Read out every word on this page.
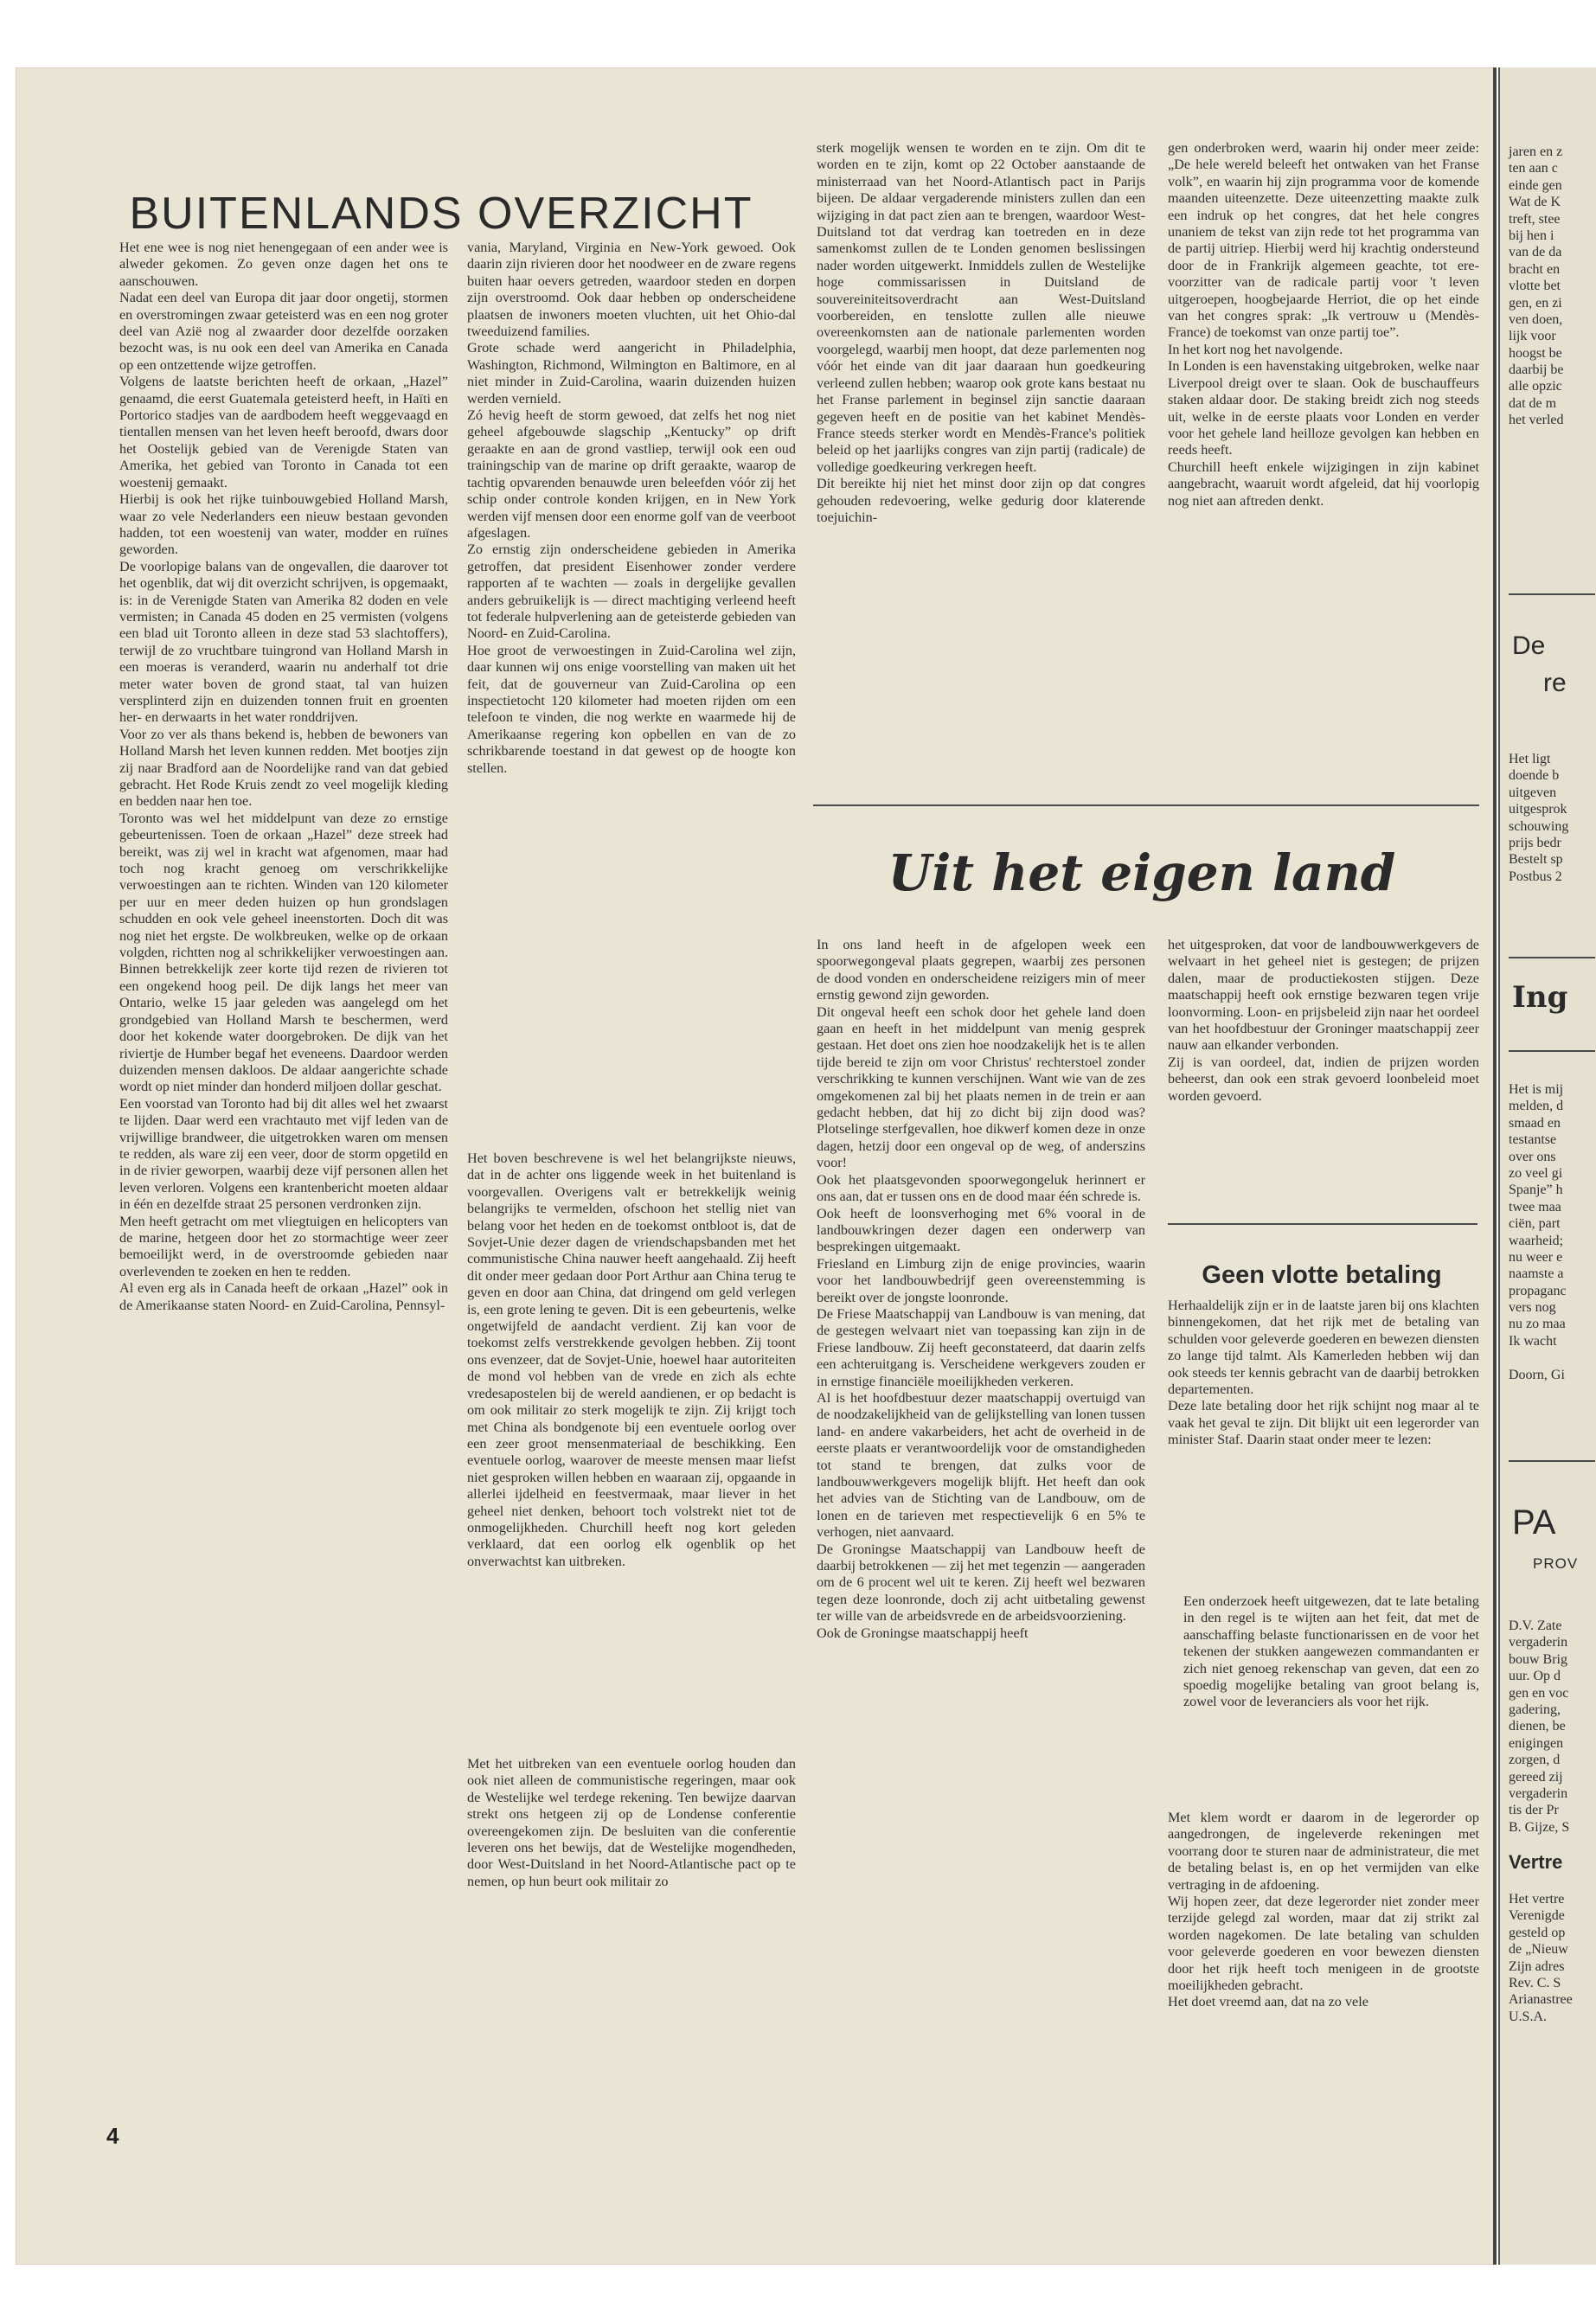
BUITENLANDS OVERZICHT

Het ene wee is nog niet henengegaan of een ander wee is alweder gekomen. Zo geven onze dagen het ons te aanschouwen.

Nadat een deel van Europa dit jaar door ongetij, stormen en overstromingen zwaar geteisterd was en een nog groter deel van Azië nog al zwaarder door dezelfde oorzaken bezocht was, is nu ook een deel van Amerika en Canada op een ontzettende wijze getroffen.

Volgens de laatste berichten heeft de orkaan, „Hazel” genaamd, die eerst Guatemala geteisterd heeft, in Haïti en Portorico stadjes van de aardbodem heeft weggevaagd en tientallen mensen van het leven heeft beroofd, dwars door het Oostelijk gebied van de Verenigde Staten van Amerika, het gebied van Toronto in Canada tot een woestenij gemaakt.

Hierbij is ook het rijke tuinbouwgebied Holland Marsh, waar zo vele Nederlanders een nieuw bestaan gevonden hadden, tot een woestenij van water, modder en ruïnes geworden.

De voorlopige balans van de ongevallen, die daarover tot het ogenblik, dat wij dit overzicht schrijven, is opgemaakt, is: in de Verenigde Staten van Amerika 82 doden en vele vermisten; in Canada 45 doden en 25 vermisten (volgens een blad uit Toronto alleen in deze stad 53 slachtoffers), terwijl de zo vruchtbare tuingrond van Holland Marsh in een moeras is veranderd, waarin nu anderhalf tot drie meter water boven de grond staat, tal van huizen versplinterd zijn en duizenden tonnen fruit en groenten her- en derwaarts in het water ronddrijven.

Voor zo ver als thans bekend is, hebben de bewoners van Holland Marsh het leven kunnen redden. Met bootjes zijn zij naar Bradford aan de Noordelijke rand van dat gebied gebracht. Het Rode Kruis zendt zo veel mogelijk kleding en bedden naar hen toe.

Toronto was wel het middelpunt van deze zo ernstige gebeurtenissen. Toen de orkaan „Hazel” deze streek had bereikt, was zij wel in kracht wat afgenomen, maar had toch nog kracht genoeg om verschrikkelijke verwoestingen aan te richten. Winden van 120 kilometer per uur en meer deden huizen op hun grondslagen schudden en ook vele geheel ineenstorten. Doch dit was nog niet het ergste. De wolkbreuken, welke op de orkaan volgden, richtten nog al schrikkelijker verwoestingen aan. Binnen betrekkelijk zeer korte tijd rezen de rivieren tot een ongekend hoog peil. De dijk langs het meer van Ontario, welke 15 jaar geleden was aangelegd om het grondgebied van Holland Marsh te beschermen, werd door het kokende water doorgebroken. De dijk van het riviertje de Humber begaf het eveneens. Daardoor werden duizenden mensen dakloos. De aldaar aangerichte schade wordt op niet minder dan honderd miljoen dollar geschat.

Een voorstad van Toronto had bij dit alles wel het zwaarst te lijden. Daar werd een vrachtauto met vijf leden van de vrijwillige brandweer, die uitgetrokken waren om mensen te redden, als ware zij een veer, door de storm opgetild en in de rivier geworpen, waarbij deze vijf personen allen het leven verloren. Volgens een krantenbericht moeten aldaar in één en dezelfde straat 25 personen verdronken zijn.

Men heeft getracht om met vliegtuigen en helicopters van de marine, hetgeen door het zo stormachtige weer zeer bemoeilijkt werd, in de overstroomde gebieden naar overlevenden te zoeken en hen te redden.

Al even erg als in Canada heeft de orkaan „Hazel” ook in de Amerikaanse staten Noord- en Zuid-Carolina, Pennsyl-

vania, Maryland, Virginia en New-York gewoed. Ook daarin zijn rivieren door het noodweer en de zware regens buiten haar oevers getreden, waardoor steden en dorpen zijn overstroomd. Ook daar hebben op onderscheidene plaatsen de inwoners moeten vluchten, uit het Ohio-dal tweeduizend families.

Grote schade werd aangericht in Philadelphia, Washington, Richmond, Wilmington en Baltimore, en al niet minder in Zuid-Carolina, waarin duizenden huizen werden vernield.

Zó hevig heeft de storm gewoed, dat zelfs het nog niet geheel afgebouwde slagschip „Kentucky” op drift geraakte en aan de grond vastliep, terwijl ook een oud trainingschip van de marine op drift geraakte, waarop de tachtig opvarenden benauwde uren beleefden vóór zij het schip onder controle konden krijgen, en in New York werden vijf mensen door een enorme golf van de veerboot afgeslagen.

Zo ernstig zijn onderscheidene gebieden in Amerika getroffen, dat president Eisenhower zonder verdere rapporten af te wachten — zoals in dergelijke gevallen anders gebruikelijk is — direct machtiging verleend heeft tot federale hulpverlening aan de geteisterde gebieden van Noord- en Zuid-Carolina.

Hoe groot de verwoestingen in Zuid-Carolina wel zijn, daar kunnen wij ons enige voorstelling van maken uit het feit, dat de gouverneur van Zuid-Carolina op een inspectietocht 120 kilometer had moeten rijden om een telefoon te vinden, die nog werkte en waarmede hij de Amerikaanse regering kon opbellen en van de zo schrikbarende toestand in dat gewest op de hoogte kon stellen.

Het boven beschrevene is wel het belangrijkste nieuws, dat in de achter ons liggende week in het buitenland is voorgevallen. Overigens valt er betrekkelijk weinig belangrijks te vermelden, ofschoon het stellig niet van belang voor het heden en de toekomst ontbloot is, dat de Sovjet-Unie dezer dagen de vriendschapsbanden met het communistische China nauwer heeft aangehaald. Zij heeft dit onder meer gedaan door Port Arthur aan China terug te geven en door aan China, dat dringend om geld verlegen is, een grote lening te geven. Dit is een gebeurtenis, welke ongetwijfeld de aandacht verdient. Zij kan voor de toekomst zelfs verstrekkende gevolgen hebben. Zij toont ons evenzeer, dat de Sovjet-Unie, hoewel haar autoriteiten de mond vol hebben van de vrede en zich als echte vredesapostelen bij de wereld aandienen, er op bedacht is om ook militair zo sterk mogelijk te zijn. Zij krijgt toch met China als bondgenote bij een eventuele oorlog over een zeer groot mensenmateriaal de beschikking. Een eventuele oorlog, waarover de meeste mensen maar liefst niet gesproken willen hebben en waaraan zij, opgaande in allerlei ijdelheid en feestvermaak, maar liever in het geheel niet denken, behoort toch volstrekt niet tot de onmogelijkheden. Churchill heeft nog kort geleden verklaard, dat een oorlog elk ogenblik op het onverwachtst kan uitbreken.

Met het uitbreken van een eventuele oorlog houden dan ook niet alleen de communistische regeringen, maar ook de Westelijke wel terdege rekening. Ten bewijze daarvan strekt ons hetgeen zij op de Londense conferentie overeengekomen zijn. De besluiten van die conferentie leveren ons het bewijs, dat de Westelijke mogendheden, door West-Duitsland in het Noord-Atlantische pact op te nemen, op hun beurt ook militair zo

sterk mogelijk wensen te worden en te zijn. Om dit te worden en te zijn, komt op 22 October aanstaande de ministerraad van het Noord-Atlantisch pact in Parijs bijeen. De aldaar vergaderende ministers zullen dan een wijziging in dat pact zien aan te brengen, waardoor West-Duitsland tot dat verdrag kan toetreden en in deze samenkomst zullen de te Londen genomen beslissingen nader worden uitgewerkt. Inmiddels zullen de Westelijke hoge commissarissen in Duitsland de souvereiniteitsoverdracht aan West-Duitsland voorbereiden, en tenslotte zullen alle nieuwe overeenkomsten aan de nationale parlementen worden voorgelegd, waarbij men hoopt, dat deze parlementen nog vóór het einde van dit jaar daaraan hun goedkeuring verleend zullen hebben; waarop ook grote kans bestaat nu het Franse parlement in beginsel zijn sanctie daaraan gegeven heeft en de positie van het kabinet Mendès-France steeds sterker wordt en Mendès-France's politiek beleid op het jaarlijks congres van zijn partij (radicale) de volledige goedkeuring verkregen heeft.

Dit bereikte hij niet het minst door zijn op dat congres gehouden redevoering, welke gedurig door klaterende toejuichin-

gen onderbroken werd, waarin hij onder meer zeide: „De hele wereld beleeft het ontwaken van het Franse volk”, en waarin hij zijn programma voor de komende maanden uiteenzette. Deze uiteenzetting maakte zulk een indruk op het congres, dat het hele congres unaniem de tekst van zijn rede tot het programma van de partij uitriep. Hierbij werd hij krachtig ondersteund door de in Frankrijk algemeen geachte, tot ere-voorzitter van de radicale partij voor 't leven uitgeroepen, hoogbejaarde Herriot, die op het einde van het congres sprak: „Ik vertrouw u (Mendès-France) de toekomst van onze partij toe”.

In het kort nog het navolgende.

In Londen is een havenstaking uitgebroken, welke naar Liverpool dreigt over te slaan. Ook de buschauffeurs staken aldaar door. De staking breidt zich nog steeds uit, welke in de eerste plaats voor Londen en verder voor het gehele land heilloze gevolgen kan hebben en reeds heeft.

Churchill heeft enkele wijzigingen in zijn kabinet aangebracht, waaruit wordt afgeleid, dat hij voorlopig nog niet aan aftreden denkt.

Uit het eigen land

In ons land heeft in de afgelopen week een spoorwegongeval plaats gegrepen, waarbij zes personen de dood vonden en onderscheidene reizigers min of meer ernstig gewond zijn geworden.

Dit ongeval heeft een schok door het gehele land doen gaan en heeft in het middelpunt van menig gesprek gestaan. Het doet ons zien hoe noodzakelijk het is te allen tijde bereid te zijn om voor Christus' rechterstoel zonder verschrikking te kunnen verschijnen. Want wie van de zes omgekomenen zal bij het plaats nemen in de trein er aan gedacht hebben, dat hij zo dicht bij zijn dood was? Plotselinge sterfgevallen, hoe dikwerf komen deze in onze dagen, hetzij door een ongeval op de weg, of anderszins voor!

Ook het plaatsgevonden spoorwegongeluk herinnert er ons aan, dat er tussen ons en de dood maar één schrede is.

Ook heeft de loonsverhoging met 6% vooral in de landbouwkringen dezer dagen een onderwerp van besprekingen uitgemaakt.

Friesland en Limburg zijn de enige provincies, waarin voor het landbouwbedrijf geen overeenstemming is bereikt over de jongste loonronde.

De Friese Maatschappij van Landbouw is van mening, dat de gestegen welvaart niet van toepassing kan zijn in de Friese landbouw. Zij heeft geconstateerd, dat daarin zelfs een achteruitgang is. Verscheidene werkgevers zouden er in ernstige financiële moeilijkheden verkeren.

Al is het hoofdbestuur dezer maatschappij overtuigd van de noodzakelijkheid van de gelijkstelling van lonen tussen land- en andere vakarbeiders, het acht de overheid in de eerste plaats er verantwoordelijk voor de omstandigheden tot stand te brengen, dat zulks voor de landbouwwerkgevers mogelijk blijft. Het heeft dan ook het advies van de Stichting van de Landbouw, om de lonen en de tarieven met respectievelijk 6 en 5% te verhogen, niet aanvaard.

De Groningse Maatschappij van Landbouw heeft de daarbij betrokkenen — zij het met tegenzin — aangeraden om de 6 procent wel uit te keren. Zij heeft wel bezwaren tegen deze loonronde, doch zij acht uitbetaling gewenst ter wille van de arbeidsvrede en de arbeidsvoorziening.

Ook de Groningse maatschappij heeft

het uitgesproken, dat voor de landbouwwerkgevers de welvaart in het geheel niet is gestegen; de prijzen dalen, maar de productiekosten stijgen. Deze maatschappij heeft ook ernstige bezwaren tegen vrije loonvorming. Loon- en prijsbeleid zijn naar het oordeel van het hoofdbestuur der Groninger maatschappij zeer nauw aan elkander verbonden.

Zij is van oordeel, dat, indien de prijzen worden beheerst, dan ook een strak gevoerd loonbeleid moet worden gevoerd.

Geen vlotte betaling

Herhaaldelijk zijn er in de laatste jaren bij ons klachten binnengekomen, dat het rijk met de betaling van schulden voor geleverde goederen en bewezen diensten zo lange tijd talmt. Als Kamerleden hebben wij dan ook steeds ter kennis gebracht van de daarbij betrokken departementen.

Deze late betaling door het rijk schijnt nog maar al te vaak het geval te zijn. Dit blijkt uit een legerorder van minister Staf. Daarin staat onder meer te lezen:

Een onderzoek heeft uitgewezen, dat te late betaling in den regel is te wijten aan het feit, dat met de aanschaffing belaste functionarissen en de voor het tekenen der stukken aangewezen commandanten er zich niet genoeg rekenschap van geven, dat een zo spoedig mogelijke betaling van groot belang is, zowel voor de leveranciers als voor het rijk.

Met klem wordt er daarom in de legerorder op aangedrongen, de ingeleverde rekeningen met voorrang door te sturen naar de administrateur, die met de betaling belast is, en op het vermijden van elke vertraging in de afdoening.

Wij hopen zeer, dat deze legerorder niet zonder meer terzijde gelegd zal worden, maar dat zij strikt zal worden nagekomen. De late betaling van schulden voor geleverde goederen en voor bewezen diensten door het rijk heeft toch menigeen in de grootste moeilijkheden gebracht.

Het doet vreemd aan, dat na zo vele

4
jaren en z
ten aan c
einde gen
Wat de K
treft, stee
bij hen i
van de da
bracht en
vlotte bet
gen, en zi
ven doen,
lijk voor
hoogst be
daarbij be
alle opzic
dat de m
het verled
De
re
Het ligt
doende b
uitgeven
uitgesprok
schouwing
prijs bedr
Bestelt sp
Postbus 2
Ing
Het is mij
melden, d
smaad en
testantse
over ons
zo veel gi
Spanje” h
twee maa
ciën, part
waarheid;
nu weer e
naamste a
propaganc
vers nog
nu zo maa
Ik wacht
Doorn, Gi
PA
PROV
D.V. Zate
vergaderin
bouw Brig
uur. Op d
gen en voc
gadering,
dienen, be
enigingen
zorgen, d
gereed zij
vergaderin
tis der Pr
B. Gijze, S
Vertre
Het vertre
Verenigde
gesteld op
de „Nieuw
Zijn adres
Rev. C. S
Arianastree
U.S.A.
